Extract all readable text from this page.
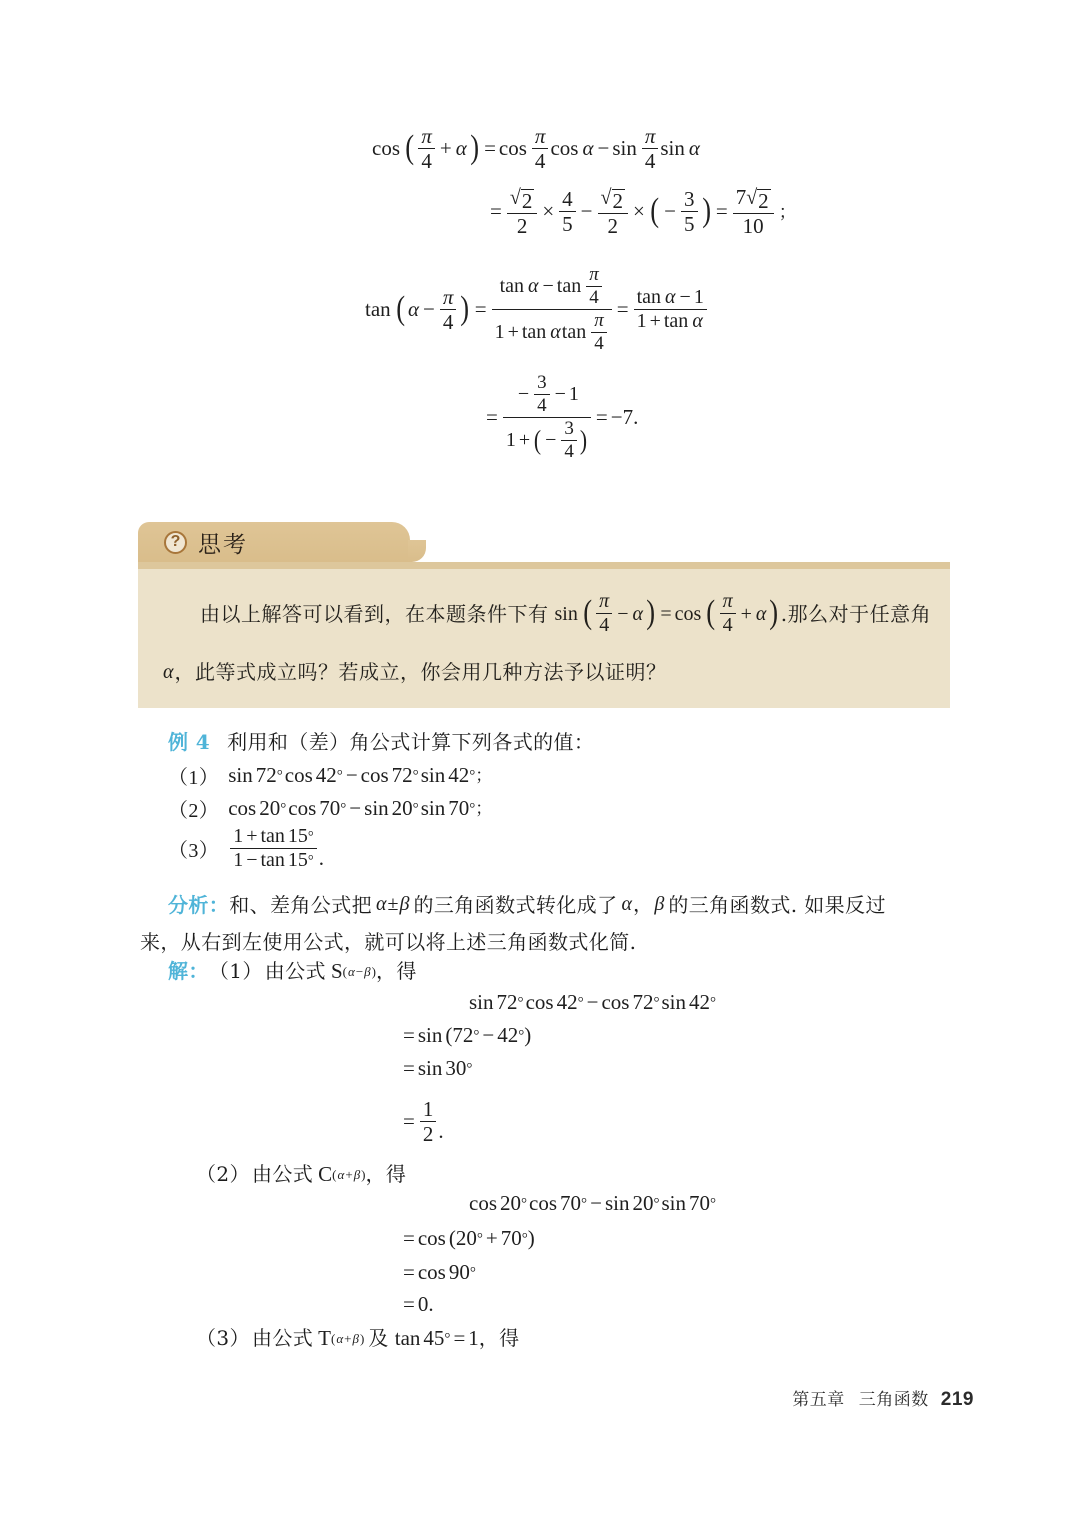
cos ( $\frac{\pi}{4} + \alpha$ ) = $\cos \frac{\pi}{4}$ $\cos \alpha - \sin \frac{\pi}{4}$ sin α
= $\frac{√ 2}{2} \times \frac{4}{5} - \frac{√ 2}{2}$ × ( − $\frac{3}{5}$ ) = $\frac{7 √ 2}{10}$ ；
tan ( $\alpha - \frac{\pi}{4}$ ) =
$\tan \alpha - \tan \frac{\pi}{4}$
1 + tan α $\tan \frac{\pi}{4}$
= $\frac{\text{tan α − 1}}{\text{1 + tan α}}$
=
− $\frac{3}{4} - 1$
1 + ( − $\frac{3}{4}$ )
= −7.
? 思考
由以上解答可以看到，在本题条件下有 sin ( $\frac{\pi}{4} - \alpha$ ) = cos ( $\frac{\pi}{4} + \alpha$ ) .那么对于任意角
α ，此等式成立吗？若成立，你会用几种方法予以证明？
例 4 利用和（差）角公式计算下列各式的值：
（1） sin 72 ° cos 42 ° − cos 72 ° sin 42 ° ；
（2） cos 20 ° cos 70 ° − sin 20 ° sin 70 ° ；
$(3) \frac{1 + \tan 15 ^\circ}{1 - \tan 15 ^\circ}$ .
分析： 和、差角公式把 α ± β 的三角函数式转化成了 α ， β 的三角函数式. 如果反过
来，从右到左使用公式，就可以将上述三角函数式化简.
解： （1） 由公式 S (α−β) ，得
sin 72 ° cos 42 ° − cos 72 ° sin 42 °
= sin ( 72 ° − 42 ° )
= sin 30 °
= $\frac{1}{2}$ .
（2） 由公式 C (α+β) ，得
cos 20 ° cos 70 ° − sin 20 ° sin 70 °
= cos ( 20 ° + 70 ° )
= cos 90 °
= 0.
（3） 由公式 T (α+β) 及 tan 45 ° = 1 ，得
第五章 三角函数 219
